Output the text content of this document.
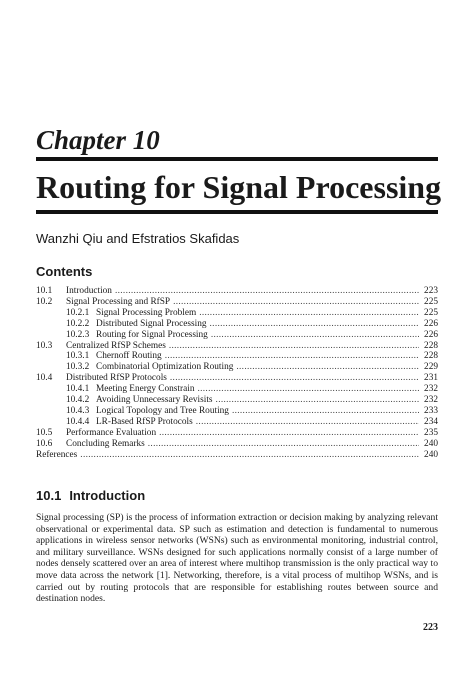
Chapter 10
Routing for Signal Processing

Wanzhi Qiu and Efstratios Skafidas

Contents
10.1	Introduction . . .	223
10.2	Signal Processing and RfSP . . .	225
10.2.1 Signal Processing Problem . . .	225
10.2.2 Distributed Signal Processing . . .	226
10.2.3 Routing for Signal Processing . . .	226
10.3	Centralized RfSP Schemes . . .	228
10.3.1 Chernoff Routing . . .	228
10.3.2 Combinatorial Optimization Routing . . .	229
10.4	Distributed RfSP Protocols . . .	231
10.4.1 Meeting Energy Constrain . . .	232
10.4.2 Avoiding Unnecessary Revisits . . .	232
10.4.3 Logical Topology and Tree Routing . . .	233
10.4.4 LR-Based RfSP Protocols . . .	234
10.5	Performance Evaluation . . .	235
10.6	Concluding Remarks . . .	240
References . . .	240
10.1 Introduction

Signal processing (SP) is the process of information extraction or decision making by analyzing relevant observational or experimental data. SP such as estimation and detection is fundamental to numerous applications in wireless sensor networks (WSNs) such as environmental monitoring, industrial control, and military surveillance. WSNs designed for such applications normally consist of a large number of nodes densely scattered over an area of interest where multihop transmission is the only practical way to move data across the network [1]. Networking, therefore, is a vital process of multihop WSNs, and is carried out by routing protocols that are responsible for establishing routes between source and destination nodes.

223
